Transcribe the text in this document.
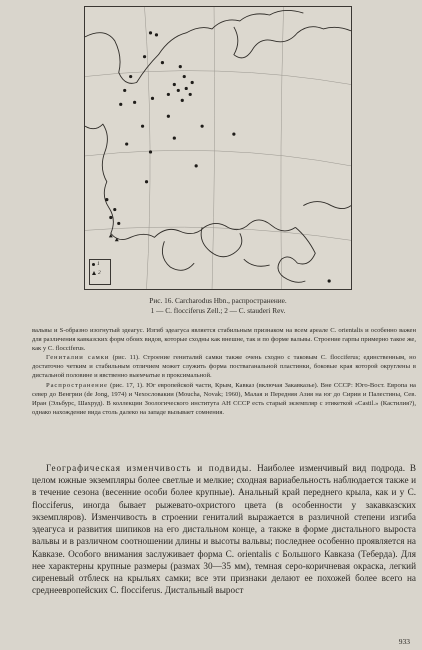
1
2
Рис. 16. Carcharodus Hbn., распространение.
1 — C. flocciferus Zell.; 2 — C. stauderi Rev.

вальвы и S-образно изогнутый эдеагус. Изгиб эдеагуса является стабильным признаком на всем ареале C. orientalis и особенно важен для различения кавказских форм обоих видов, которые сходны как внешне, так и по форме вальвы. Строение гарпы примерно такое же, как у C. flocciferus.

Гениталии самки (рис. 11). Строение гениталий самки также очень сходно с таковым C. flocciferus; единственным, но достаточно четким и стабильным отличием может служить форма постваганальной пластинки, боковые края которой округлены в дистальной половине и явственно выемчатые в проксимальной.

Распространение (рис. 17, 1). Юг европейской части, Крым, Кавказ (включая Закавказье). Вне СССР: Юго-Вост. Европа на север до Венгрии (de Jong, 1974) и Чехословакии (Moucha, Novak; 1960), Малая и Передняя Азия на юг до Сирии и Палестины, Сев. Иран (Эльбурс, Шахруд). В коллекции Зоологического института АН СССР есть старый экземпляр с этикеткой «Castil.» (Кастилия?), однако нахождение вида столь далеко на западе вызывает сомнения.

Географическая изменчивость и подвиды. Наиболее изменчивый вид подрода. В целом южные экземпляры более светлые и мелкие; сходная вариабельность наблюдается также и в течение сезона (весенние особи более крупные). Анальный край переднего крыла, как и у C. flocciferus, иногда бывает рыжевато-охристого цвета (в особенности у закавказских экземпляров). Изменчивость в строении гениталий выражается в различной степени изгиба эдеагуса и развития шипиков на его дистальном конце, а также в форме дистального выроста вальвы и в различном соотношении длины и высоты вальвы; последнее особенно проявляется на Кавказе. Особого внимания заслуживает форма C. orientalis с Большого Кавказа (Теберда). Для нее характерны крупные размеры (размах 30—35 мм), темная серо-коричневая окраска, легкий сиреневый отблеск на крыльях самки; все эти признаки делают ее похожей более всего на среднеевропейских C. flocciferus. Дистальный вырост

933
